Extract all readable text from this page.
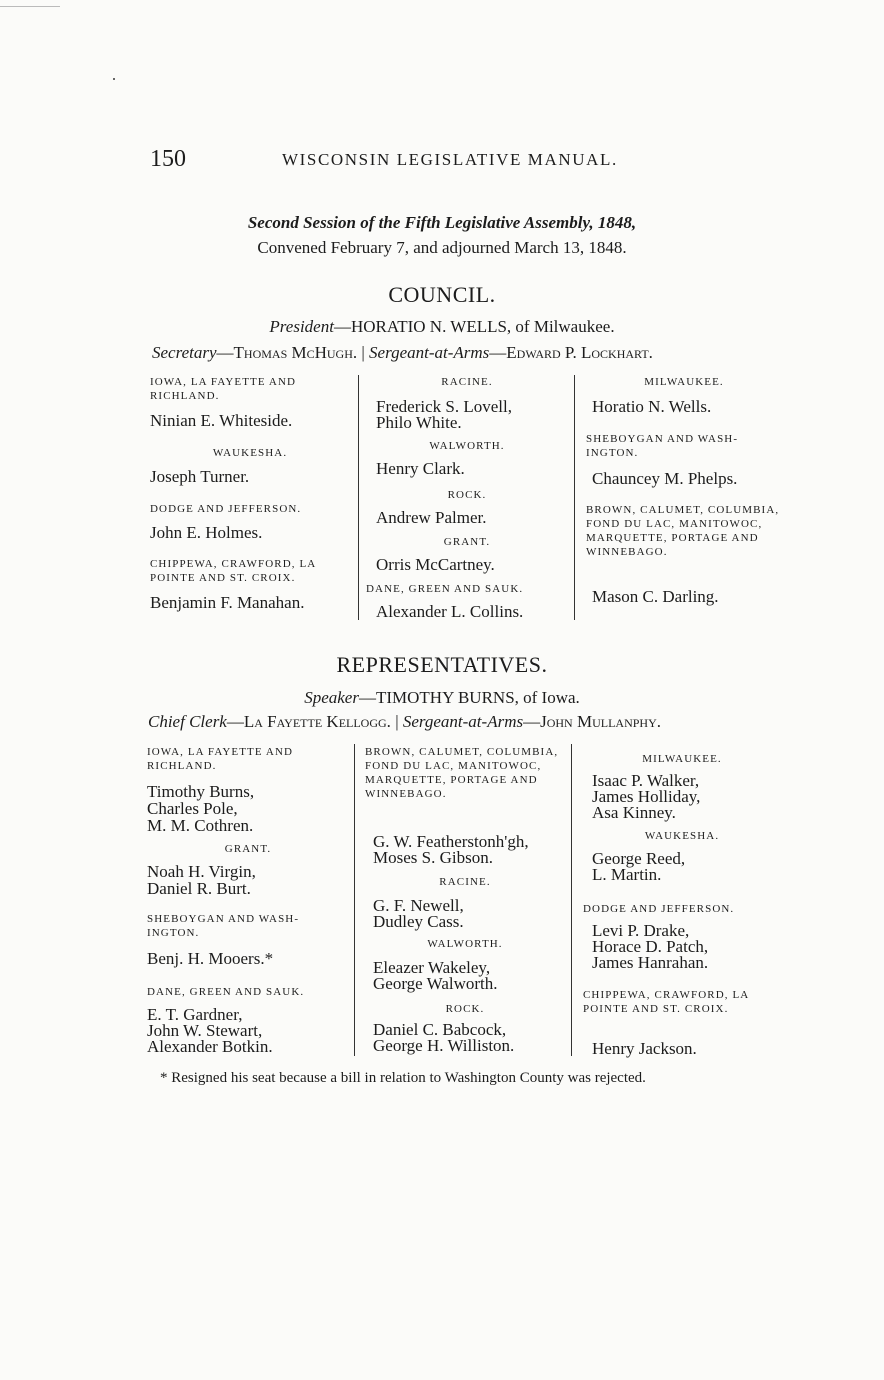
150	WISCONSIN LEGISLATIVE MANUAL.
Second Session of the Fifth Legislative Assembly, 1848,
Convened February 7, and adjourned March 13, 1848.
COUNCIL.
President—HORATIO N. WELLS, of Milwaukee.
Secretary—Thomas McHugh. | Sergeant-at-Arms—Edward P. Lockhart.
IOWA, LA FAYETTE AND RICHLAND.
Ninian E. Whiteside.
WAUKESHA.
Joseph Turner.
DODGE AND JEFFERSON.
John E. Holmes.
CHIPPEWA, CRAWFORD, LA POINTE AND ST. CROIX.
Benjamin F. Manahan.
RACINE.
Frederick S. Lovell,
Philo White.
WALWORTH.
Henry Clark.
ROCK.
Andrew Palmer.
GRANT.
Orris McCartney.
DANE, GREEN AND SAUK.
Alexander L. Collins.
MILWAUKEE.
Horatio N. Wells.
SHEBOYGAN AND WASH-INGTON.
Chauncey M. Phelps.
BROWN, CALUMET, COLUMBIA, FOND DU LAC, MANITOWOC, MARQUETTE, PORTAGE AND WINNEBAGO.
Mason C. Darling.
REPRESENTATIVES.
Speaker—TIMOTHY BURNS, of Iowa.
Chief Clerk—La Fayette Kellogg. | Sergeant-at-Arms—John Mullanphy.
IOWA, LA FAYETTE AND RICHLAND.
Timothy Burns,
Charles Pole,
M. M. Cothren.
GRANT.
Noah H. Virgin,
Daniel R. Burt.
SHEBOYGAN AND WASH-INGTON.
Benj. H. Mooers.*
DANE, GREEN AND SAUK.
E. T. Gardner,
John W. Stewart,
Alexander Botkin.
BROWN, CALUMET, COLUMBIA, FOND DU LAC, MANITOWOC, MARQUETTE, PORTAGE AND WINNEBAGO.
G. W. Featherstonh'gh,
Moses S. Gibson.
RACINE.
G. F. Newell,
Dudley Cass.
WALWORTH.
Eleazer Wakeley,
George Walworth.
ROCK.
Daniel C. Babcock,
George H. Williston.
MILWAUKEE.
Isaac P. Walker,
James Holliday,
Asa Kinney.
WAUKESHA.
George Reed,
L. Martin.
DODGE AND JEFFERSON.
Levi P. Drake,
Horace D. Patch,
James Hanrahan.
CHIPPEWA, CRAWFORD, LA POINTE AND ST. CROIX.
Henry Jackson.
* Resigned his seat because a bill in relation to Washington County was rejected.
